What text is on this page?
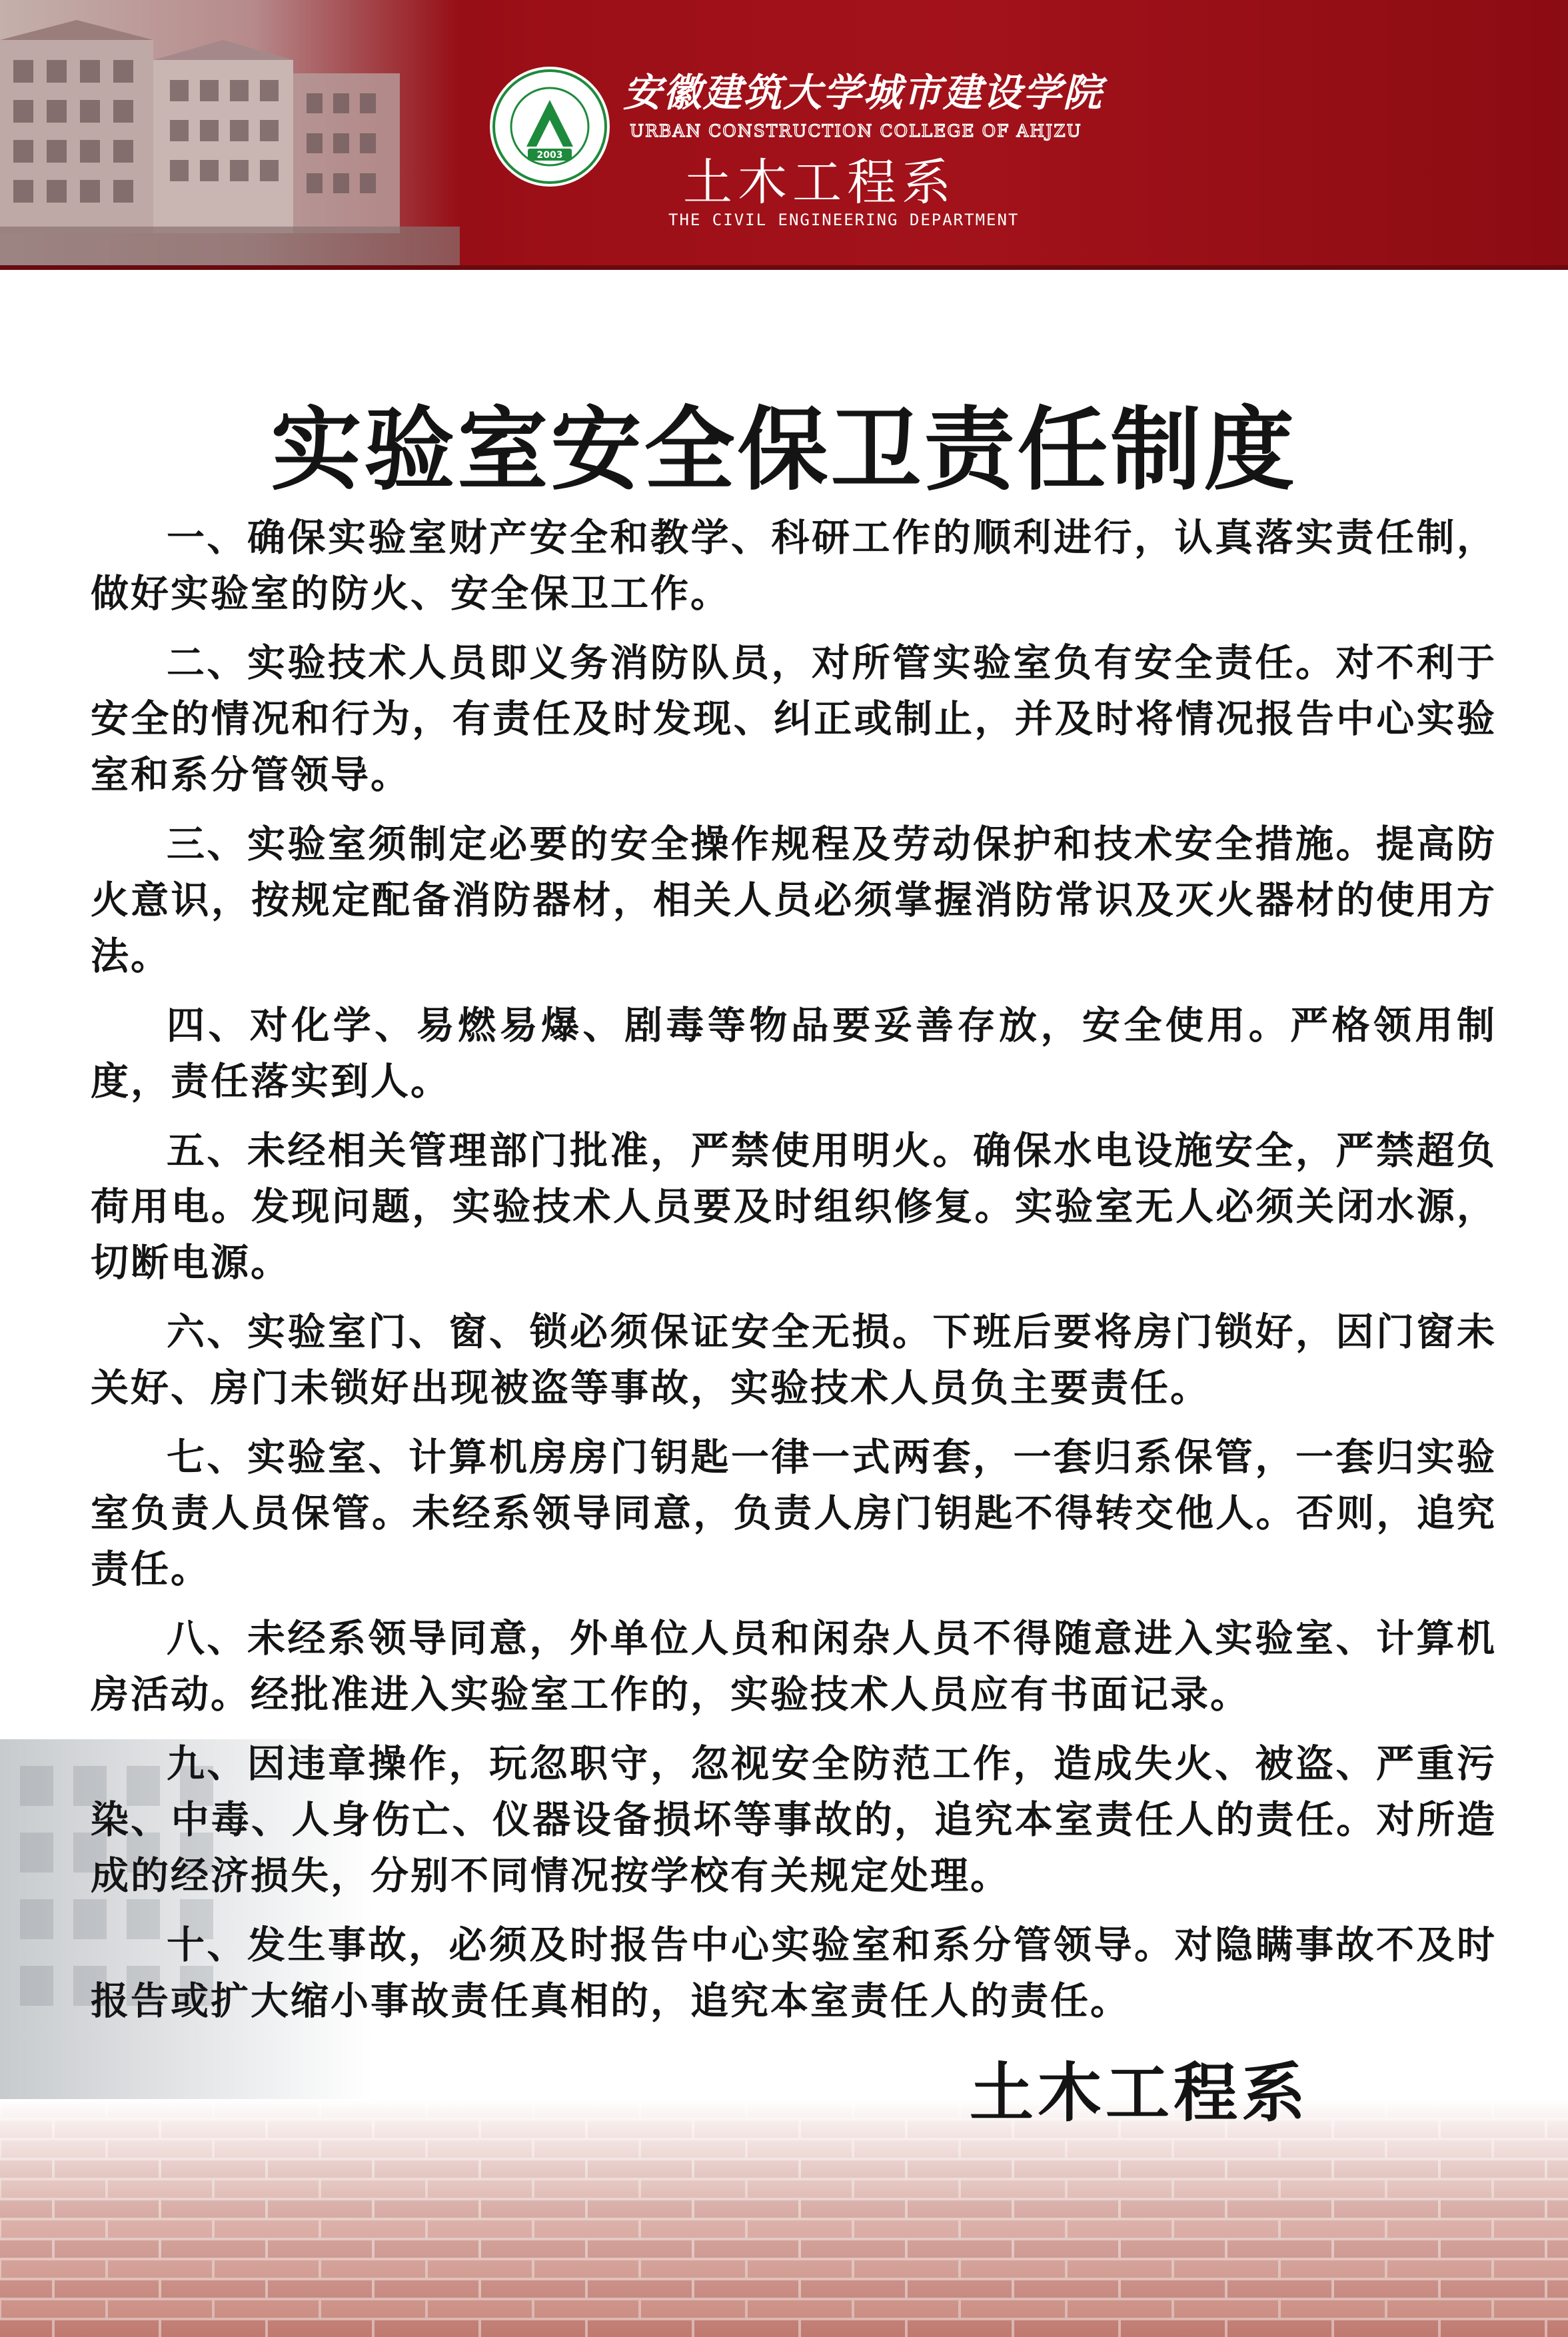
2003
安徽建筑大学城市建设学院
URBAN CONSTRUCTION COLLEGE OF AHJZU
土木工程系
THE CIVIL ENGINEERING DEPARTMENT
实验室安全保卫责任制度

一、确保实验室财产安全和教学、科研工作的顺利进行，认真落实责任制，做好实验室的防火、安全保卫工作。

二、实验技术人员即义务消防队员，对所管实验室负有安全责任。对不利于安全的情况和行为，有责任及时发现、纠正或制止，并及时将情况报告中心实验室和系分管领导。

三、实验室须制定必要的安全操作规程及劳动保护和技术安全措施。提高防火意识，按规定配备消防器材，相关人员必须掌握消防常识及灭火器材的使用方法。

四、对化学、易燃易爆、剧毒等物品要妥善存放，安全使用。严格领用制度，责任落实到人。

五、未经相关管理部门批准，严禁使用明火。确保水电设施安全，严禁超负荷用电。发现问题，实验技术人员要及时组织修复。实验室无人必须关闭水源，切断电源。

六、实验室门、窗、锁必须保证安全无损。下班后要将房门锁好，因门窗未关好、房门未锁好出现被盗等事故，实验技术人员负主要责任。

七、实验室、计算机房房门钥匙一律一式两套，一套归系保管，一套归实验室负责人员保管。未经系领导同意，负责人房门钥匙不得转交他人。否则，追究责任。

八、未经系领导同意，外单位人员和闲杂人员不得随意进入实验室、计算机房活动。经批准进入实验室工作的，实验技术人员应有书面记录。

九、因违章操作，玩忽职守，忽视安全防范工作，造成失火、被盗、严重污染、中毒、人身伤亡、仪器设备损坏等事故的，追究本室责任人的责任。对所造成的经济损失，分别不同情况按学校有关规定处理。

十、发生事故，必须及时报告中心实验室和系分管领导。对隐瞒事故不及时报告或扩大缩小事故责任真相的，追究本室责任人的责任。

土木工程系
